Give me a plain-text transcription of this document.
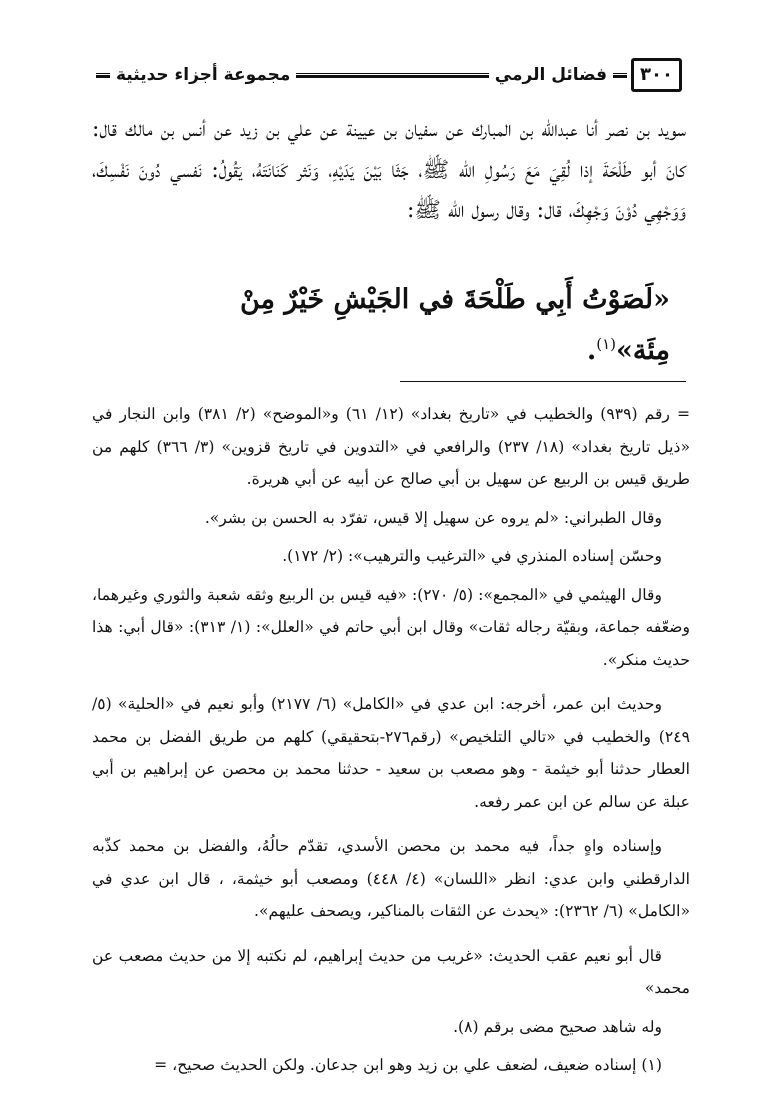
٣٠٠
فضائل الرمي
مجموعة أجزاء حديثية

سويد بن نصر أنا عبدالله بن المبارك عن سفيان بن عيينة عن علي بن زيد عن أنس بن مالك قال: كانَ أبو طَلْحَةَ إذا لُقِيَ مَعَ رَسُولِ الله ﷺ، جَثَا بَيْنَ يَدَيْهِ، وَنَثر كَنَانَتَهُ، يَقُولُ: نَفسي دُونَ نَفْسِكَ، وَوَجْهِي دُوْنَ وَجْهِكَ، قال: وقال رسول الله ﷺ:

«لَصَوْتُ أَبِي طَلْحَةَ في الجَيْشِ خَيْرٌ مِنْ مِئَة»$^{(١)}$.

= رقم (٩٣٩) والخطيب في «تاريخ بغداد» (١٢/ ٦١) و«الموضح» (٢/ ٣٨١) وابن النجار في «ذيل تاريخ بغداد» (١٨/ ٢٣٧) والرافعي في «التدوين في تاريخ قزوين» (٣/ ٣٦٦) كلهم من طريق قيس بن الربيع عن سهيل بن أبي صالح عن أبيه عن أبي هريرة.

وقال الطبراني: «لم يروه عن سهيل إلا قيس، تفرّد به الحسن بن بشر».

وحسّن إسناده المنذري في «الترغيب والترهيب»: (٢/ ١٧٢).

وقال الهيثمي في «المجمع»: (٥/ ٢٧٠): «فيه قيس بن الربيع وثقه شعبة والثوري وغيرهما، وضعّفه جماعة، وبقيّة رجاله ثقات» وقال ابن أبي حاتم في «العلل»: (١/ ٣١٣): «قال أبي: هذا حديث منكر».

وحديث ابن عمر، أخرجه: ابن عدي في «الكامل» (٦/ ٢١٧٧) وأبو نعيم في «الحلية» (٥/ ٢٤٩) والخطيب في «تالي التلخيص» (رقم٢٧٦-بتحقيقي) كلهم من طريق الفضل بن محمد العطار حدثنا أبو خيثمة - وهو مصعب بن سعيد - حدثنا محمد بن محصن عن إبراهيم بن أبي عبلة عن سالم عن ابن عمر رفعه.

وإسناده واهٍ جداً، فيه محمد بن محصن الأسدي، تقدّم حالُهُ، والفضل بن محمد كذّبه الدارقطني وابن عدي: انظر «اللسان» (٤/ ٤٤٨) ومصعب أبو خيثمة، ، قال ابن عدي في «الكامل» (٦/ ٢٣٦٢): «يحدث عن الثقات بالمناكير، ويصحف عليهم».

قال أبو نعيم عقب الحديث: «غريب من حديث إبراهيم، لم نكتبه إلا من حديث مصعب عن محمد»

وله شاهد صحيح مضى برقم (٨).

(١) إسناده ضعيف، لضعف علي بن زيد وهو ابن جدعان. ولكن الحديث صحيح، =
